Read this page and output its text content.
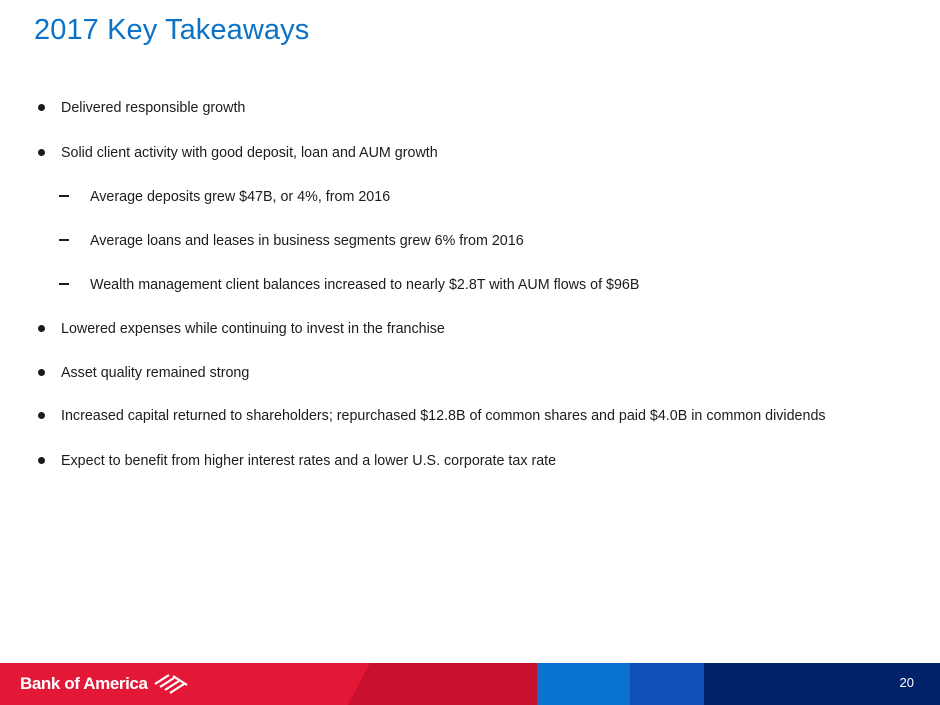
2017 Key Takeaways
Delivered responsible growth
Solid client activity with good deposit, loan and AUM growth
Average deposits grew $47B, or 4%, from 2016
Average loans and leases in business segments grew 6% from 2016
Wealth management client balances increased to nearly $2.8T with AUM flows of $96B
Lowered expenses while continuing to invest in the franchise
Asset quality remained strong
Increased capital returned to shareholders; repurchased $12.8B of common shares and paid $4.0B in common dividends
Expect to benefit from higher interest rates and a lower U.S. corporate tax rate
Bank of America	20
